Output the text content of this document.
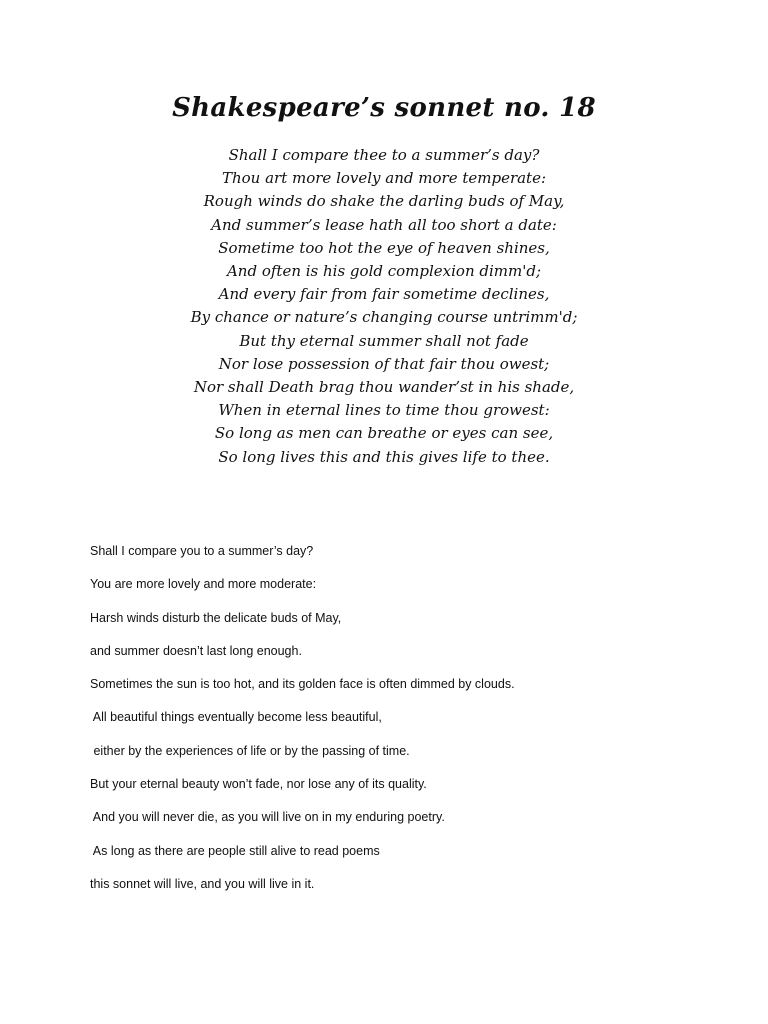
Shakespeare’s sonnet no. 18
Shall I compare thee to a summer’s day?
Thou art more lovely and more temperate:
Rough winds do shake the darling buds of May,
And summer’s lease hath all too short a date:
Sometime too hot the eye of heaven shines,
And often is his gold complexion dimm'd;
And every fair from fair sometime declines,
By chance or nature’s changing course untrimm'd;
But thy eternal summer shall not fade
Nor lose possession of that fair thou owest;
Nor shall Death brag thou wander’st in his shade,
When in eternal lines to time thou growest:
So long as men can breathe or eyes can see,
So long lives this and this gives life to thee.
Shall I compare you to a summer’s day?
You are more lovely and more moderate:
Harsh winds disturb the delicate buds of May,
and summer doesn’t last long enough.
Sometimes the sun is too hot, and its golden face is often dimmed by clouds.
All beautiful things eventually become less beautiful,
either by the experiences of life or by the passing of time.
But your eternal beauty won’t fade, nor lose any of its quality.
And you will never die, as you will live on in my enduring poetry.
As long as there are people still alive to read poems
this sonnet will live, and you will live in it.
